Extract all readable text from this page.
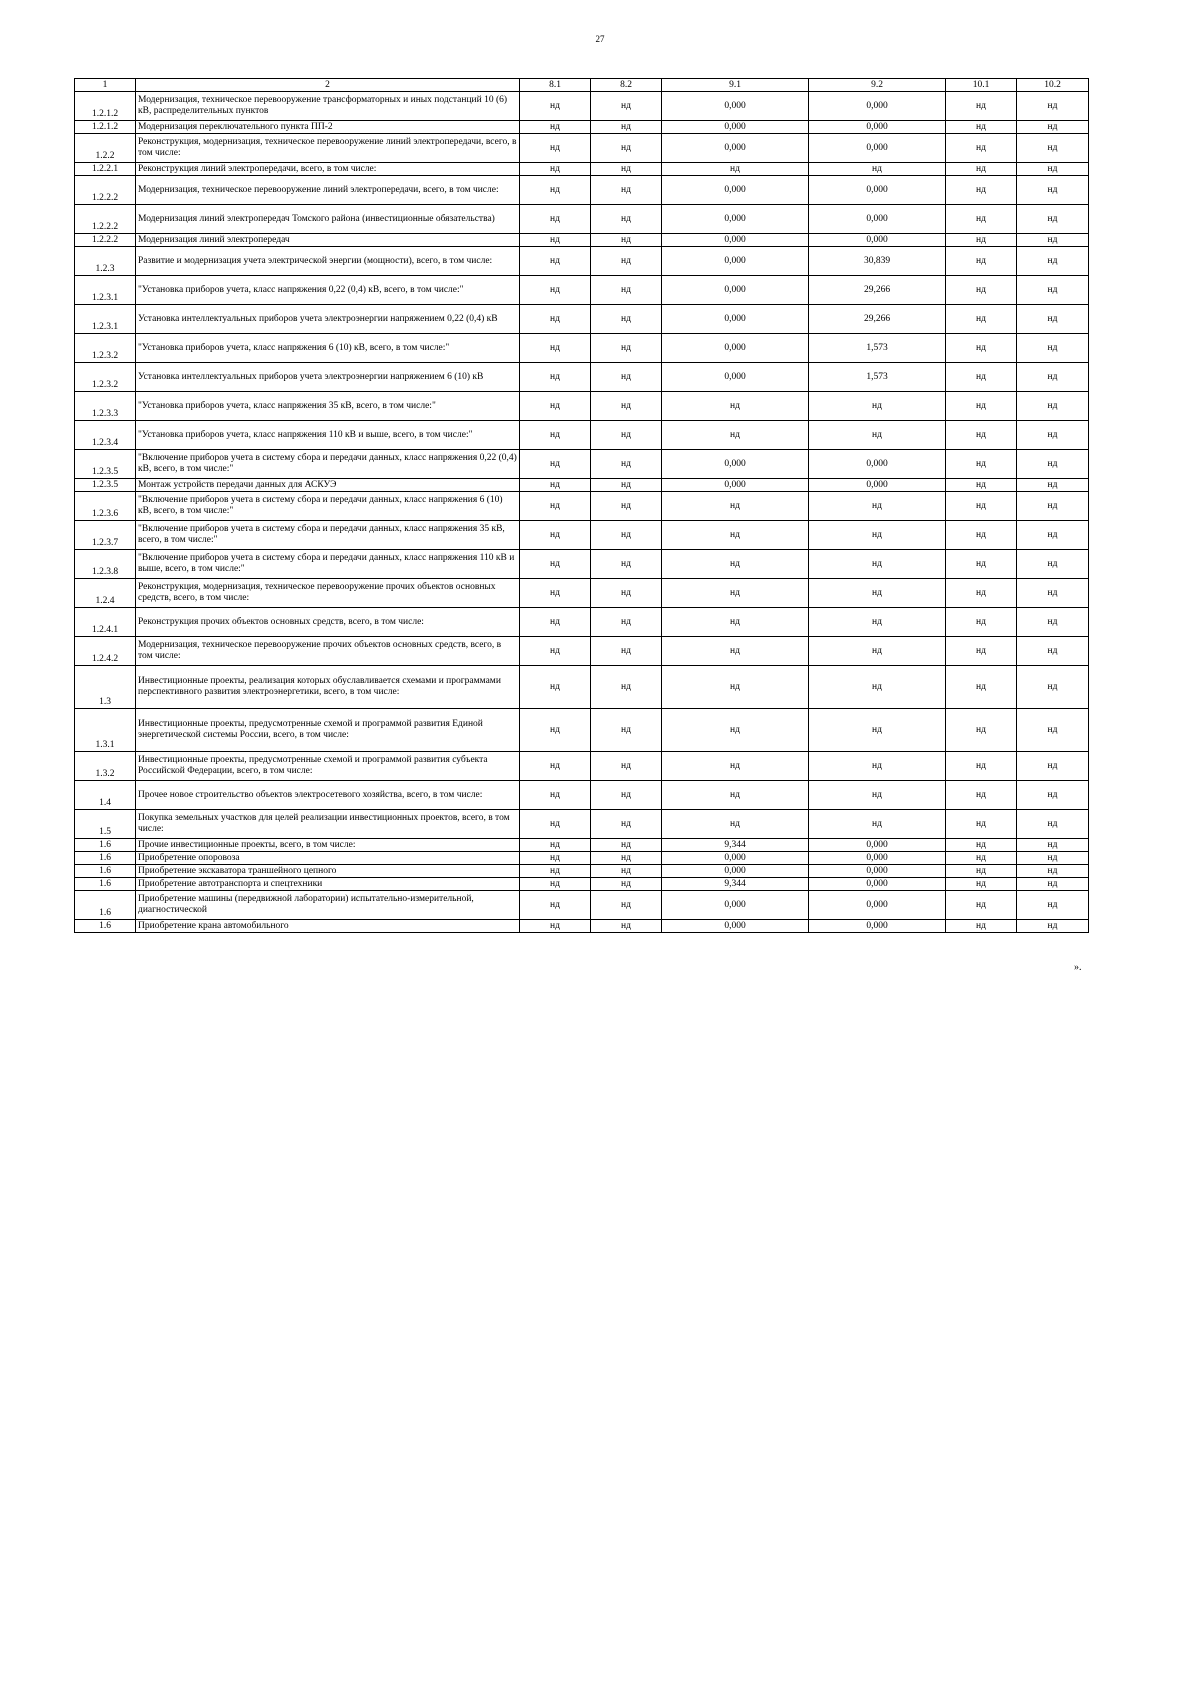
27
1	2	8.1	8.2	9.1	9.2	10.1	10.2
1.2.1.2	Модернизация, техническое перевооружение трансформаторных и иных подстанций 10 (6) кВ, распределительных пунктов	нд	нд	0,000	0,000	нд	нд
1.2.1.2	Модернизация переключательного пункта ПП-2	нд	нд	0,000	0,000	нд	нд
1.2.2	Реконструкция, модернизация, техническое перевооружение линий электропередачи, всего, в том числе:	нд	нд	0,000	0,000	нд	нд
1.2.2.1	Реконструкция линий электропередачи, всего, в том числе:	нд	нд	нд	нд	нд	нд
1.2.2.2	Модернизация, техническое перевооружение линий электропередачи, всего, в том числе:	нд	нд	0,000	0,000	нд	нд
1.2.2.2	Модернизация линий электропередач Томского района (инвестиционные обязательства)	нд	нд	0,000	0,000	нд	нд
1.2.2.2	Модернизация линий электропередач	нд	нд	0,000	0,000	нд	нд
1.2.3	Развитие и модернизация учета электрической энергии (мощности), всего, в том числе:	нд	нд	0,000	30,839	нд	нд
1.2.3.1	"Установка приборов учета, класс напряжения 0,22 (0,4) кВ, всего, в том числе:"	нд	нд	0,000	29,266	нд	нд
1.2.3.1	Установка интеллектуальных приборов учета электроэнергии напряжением 0,22 (0,4) кВ	нд	нд	0,000	29,266	нд	нд
1.2.3.2	"Установка приборов учета, класс напряжения 6 (10) кВ, всего, в том числе:"	нд	нд	0,000	1,573	нд	нд
1.2.3.2	Установка интеллектуальных приборов учета электроэнергии напряжением 6 (10) кВ	нд	нд	0,000	1,573	нд	нд
1.2.3.3	"Установка приборов учета, класс напряжения 35 кВ, всего, в том числе:"	нд	нд	нд	нд	нд	нд
1.2.3.4	"Установка приборов учета, класс напряжения 110 кВ и выше, всего, в том числе:"	нд	нд	нд	нд	нд	нд
1.2.3.5	"Включение приборов учета в систему сбора и передачи данных, класс напряжения 0,22 (0,4) кВ, всего, в том числе:"	нд	нд	0,000	0,000	нд	нд
1.2.3.5	Монтаж устройств передачи данных для АСКУЭ	нд	нд	0,000	0,000	нд	нд
1.2.3.6	"Включение приборов учета в систему сбора и передачи данных, класс напряжения 6 (10) кВ, всего, в том числе:"	нд	нд	нд	нд	нд	нд
1.2.3.7	"Включение приборов учета в систему сбора и передачи данных, класс напряжения 35 кВ, всего, в том числе:"	нд	нд	нд	нд	нд	нд
1.2.3.8	"Включение приборов учета в систему сбора и передачи данных, класс напряжения 110 кВ и выше, всего, в том числе:"	нд	нд	нд	нд	нд	нд
1.2.4	Реконструкция, модернизация, техническое перевооружение прочих объектов основных средств, всего, в том числе:	нд	нд	нд	нд	нд	нд
1.2.4.1	Реконструкция прочих объектов основных средств, всего, в том числе:	нд	нд	нд	нд	нд	нд
1.2.4.2	Модернизация, техническое перевооружение прочих объектов основных средств, всего, в том числе:	нд	нд	нд	нд	нд	нд
1.3	Инвестиционные проекты, реализация которых обуславливается схемами и программами перспективного развития электроэнергетики, всего, в том числе:	нд	нд	нд	нд	нд	нд
1.3.1	Инвестиционные проекты, предусмотренные схемой и программой развития Единой энергетической системы России, всего, в том числе:	нд	нд	нд	нд	нд	нд
1.3.2	Инвестиционные проекты, предусмотренные схемой и программой развития субъекта Российской Федерации, всего, в том числе:	нд	нд	нд	нд	нд	нд
1.4	Прочее новое строительство объектов электросетевого хозяйства, всего, в том числе:	нд	нд	нд	нд	нд	нд
1.5	Покупка земельных участков для целей реализации инвестиционных проектов, всего, в том числе:	нд	нд	нд	нд	нд	нд
1.6	Прочие инвестиционные проекты, всего, в том числе:	нд	нд	9,344	0,000	нд	нд
1.6	Приобретение опоровоза	нд	нд	0,000	0,000	нд	нд
1.6	Приобретение экскаватора траншейного цепного	нд	нд	0,000	0,000	нд	нд
1.6	Приобретение автотранспорта и спецтехники	нд	нд	9,344	0,000	нд	нд
1.6	Приобретение машины (передвижной лаборатории) испытательно-измерительной, диагностической	нд	нд	0,000	0,000	нд	нд
1.6	Приобретение крана автомобильного	нд	нд	0,000	0,000	нд	нд
».
